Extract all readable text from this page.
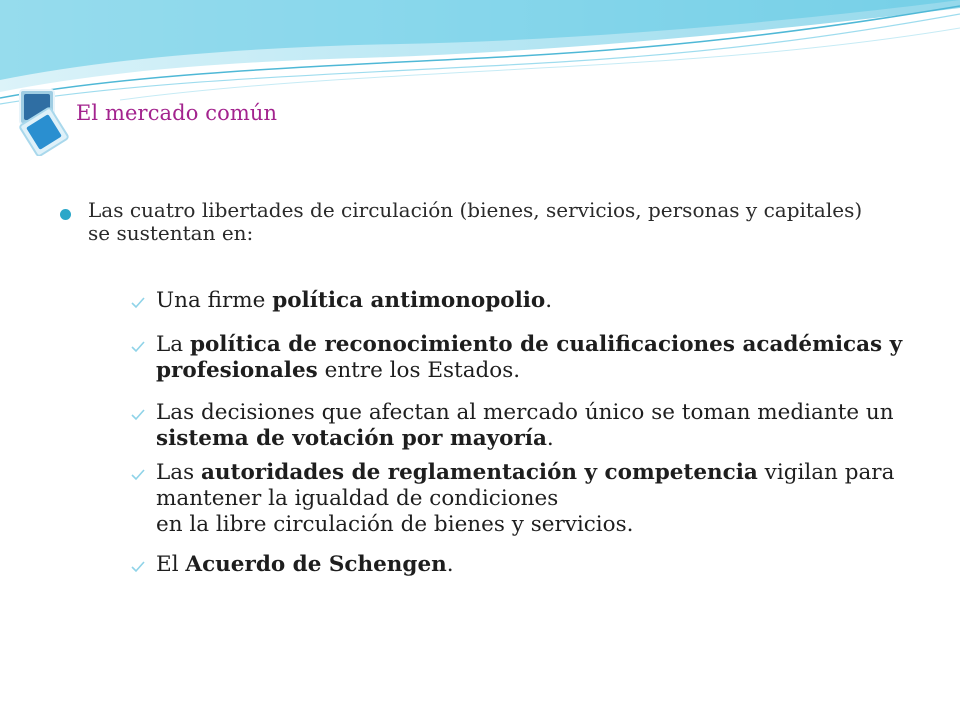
El mercado común
Las cuatro libertades de circulación (bienes, servicios, personas y capitales) se sustentan en:
Una firme política antimonopolio.
La política de reconocimiento de cualificaciones académicas y profesionales entre los Estados.
Las decisiones que afectan al mercado único se toman mediante un sistema de votación por mayoría.
Las autoridades de reglamentación y competencia vigilan para mantener la igualdad de condiciones
en la libre circulación de bienes y servicios.
El Acuerdo de Schengen.
